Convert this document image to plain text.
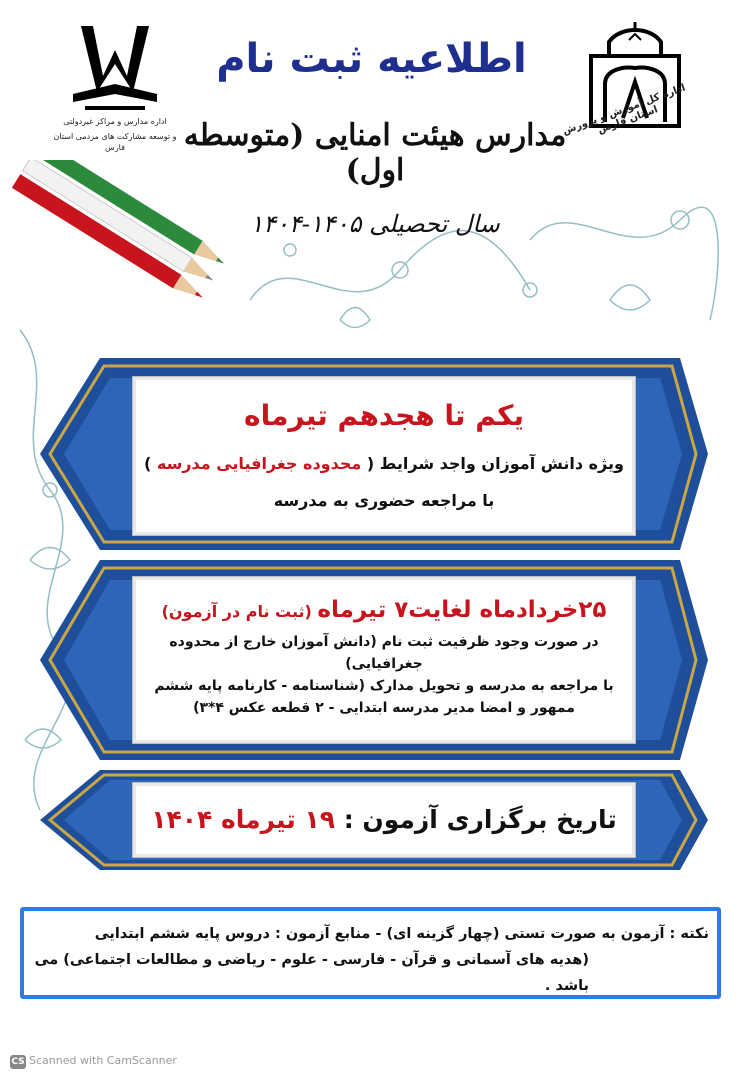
اداره مدارس و مراکز غیردولتی
و توسعه مشارکت های مردمی استان فارس
اداره کل آموزش و پرورش استان فارس
اطلاعیه ثبت نام
مدارس هیئت امنایی (متوسطه اول)
سال تحصیلی ۱۴۰۵-۱۴۰۴
یکم تا هجدهم تیرماه
ویژه دانش آموزان واجد شرایط ( محدوده جغرافیایی مدرسه )
با مراجعه حضوری به مدرسه
۲۵خردادماه لغایت۷ تیرماه (ثبت نام در آزمون)
در صورت وجود ظرفیت ثبت نام (دانش آموزان خارج از محدوده جغرافیایی)
با مراجعه به مدرسه و تحویل مدارک (شناسنامه - کارنامه پایه ششم
ممهور و امضا مدیر مدرسه ابتدایی - ۲ قطعه عکس ۴*۳)
تاریخ برگزاری آزمون : ۱۹ تیرماه ۱۴۰۴
نکته : آزمون به صورت تستی (چهار گزینه ای) - منابع آزمون : دروس پایه ششم ابتدایی
(هدیه های آسمانی و قرآن - فارسی - علوم - ریاضی و مطالعات اجتماعی) می باشد .
CS Scanned with CamScanner
